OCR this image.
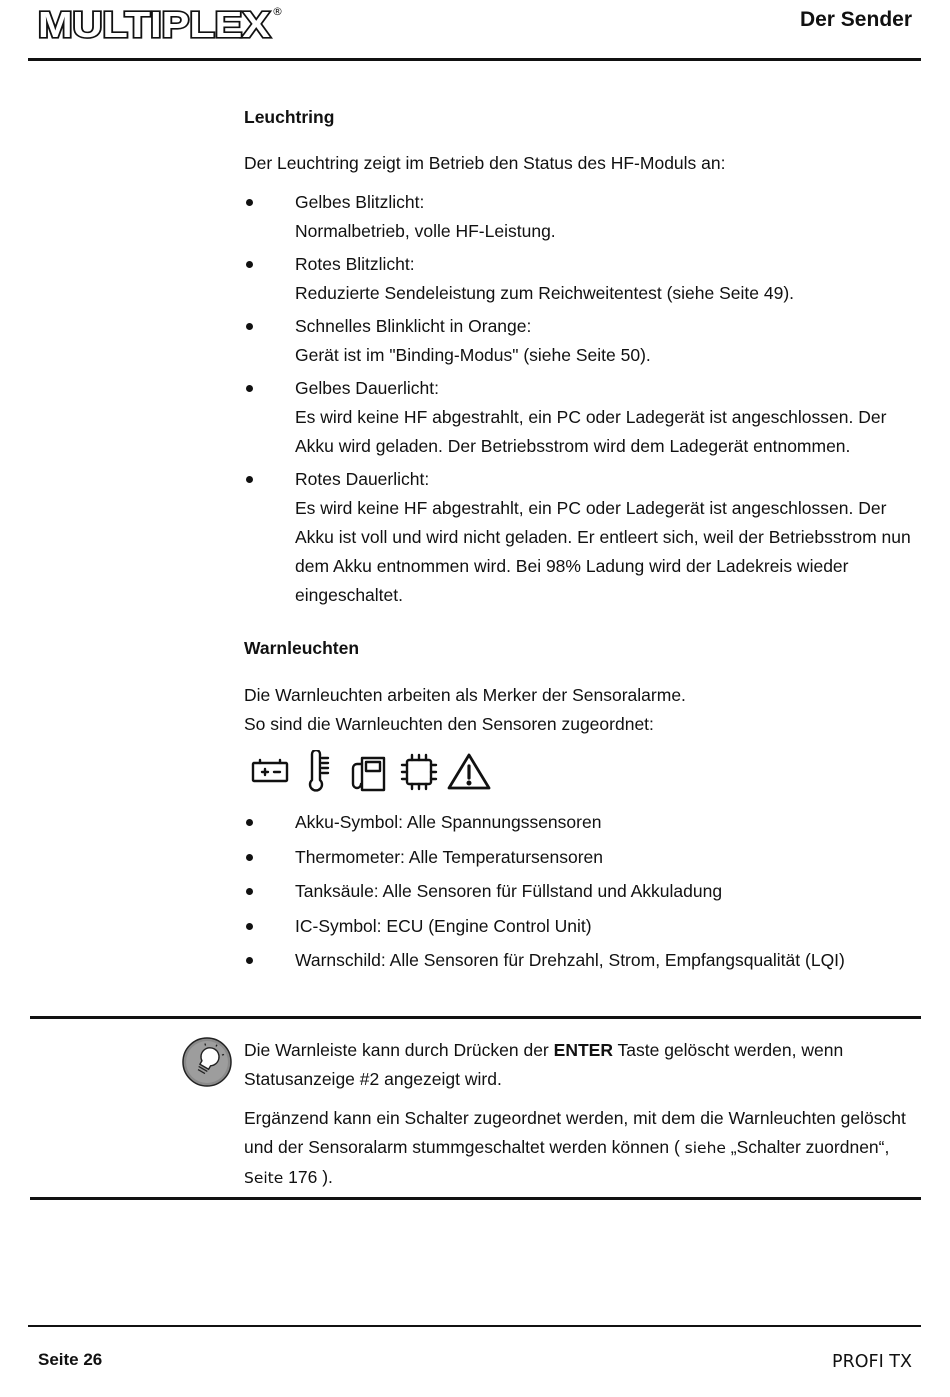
MULTIPLEX ®	Der Sender
Leuchtring
Der Leuchtring zeigt im Betrieb den Status des HF-Moduls an:
Gelbes Blitzlicht:
Normalbetrieb, volle HF-Leistung.
Rotes Blitzlicht:
Reduzierte Sendeleistung zum Reichweitentest (siehe Seite 49).
Schnelles Blinklicht in Orange:
Gerät ist im "Binding-Modus" (siehe Seite 50).
Gelbes Dauerlicht:
Es wird keine HF abgestrahlt, ein PC oder Ladegerät ist angeschlossen. Der Akku wird geladen. Der Betriebsstrom wird dem Ladegerät entnommen.
Rotes Dauerlicht:
Es wird keine HF abgestrahlt, ein PC oder Ladegerät ist angeschlossen. Der Akku ist voll und wird nicht geladen. Er entleert sich, weil der Betriebsstrom nun dem Akku entnommen wird. Bei 98% Ladung wird der Ladekreis wieder eingeschaltet.
Warnleuchten
Die Warnleuchten arbeiten als Merker der Sensoralarme.
So sind die Warnleuchten den Sensoren zugeordnet:
Akku-Symbol: Alle Spannungssensoren
Thermometer: Alle Temperatursensoren
Tanksäule: Alle Sensoren für Füllstand und Akkuladung
IC-Symbol: ECU (Engine Control Unit)
Warnschild: Alle Sensoren für Drehzahl, Strom, Empfangsqualität (LQI)

Die Warnleiste kann durch Drücken der ENTER Taste gelöscht werden, wenn Statusanzeige #2 angezeigt wird.

Ergänzend kann ein Schalter zugeordnet werden, mit dem die Warnleuchten gelöscht und der Sensoralarm stummgeschaltet werden können ( siehe „Schalter zuordnen“, Seite 176 ).

Seite 26	PROFI TX
